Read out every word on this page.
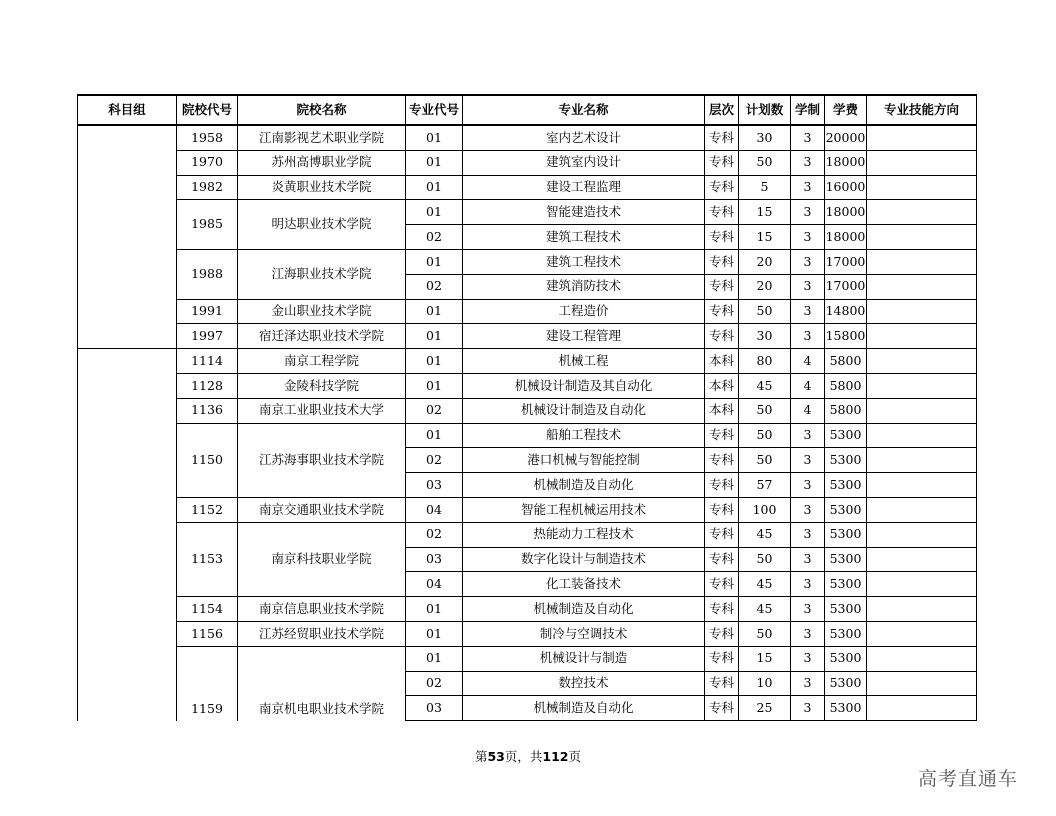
科目组	院校代号	院校名称	专业代号	专业名称	层次	计划数	学制	学费	专业技能方向
	1958	江南影视艺术职业学院	01	室内艺术设计	专科	30	3	20000	
	1970	苏州高博职业学院	01	建筑室内设计	专科	50	3	18000	
	1982	炎黄职业技术学院	01	建设工程监理	专科	5	3	16000	
	1985	明达职业技术学院	01	智能建造技术	专科	15	3	18000	
			02	建筑工程技术	专科	15	3	18000	
	1988	江海职业技术学院	01	建筑工程技术	专科	20	3	17000	
			02	建筑消防技术	专科	20	3	17000	
	1991	金山职业技术学院	01	工程造价	专科	50	3	14800	
	1997	宿迁泽达职业技术学院	01	建设工程管理	专科	30	3	15800	
	1114	南京工程学院	01	机械工程	本科	80	4	5800	
	1128	金陵科技学院	01	机械设计制造及其自动化	本科	45	4	5800	
	1136	南京工业职业技术大学	02	机械设计制造及自动化	本科	50	4	5800	
	1150	江苏海事职业技术学院	01	船舶工程技术	专科	50	3	5300	
			02	港口机械与智能控制	专科	50	3	5300	
			03	机械制造及自动化	专科	57	3	5300	
	1152	南京交通职业技术学院	04	智能工程机械运用技术	专科	100	3	5300	
	1153	南京科技职业学院	02	热能动力工程技术	专科	45	3	5300	
			03	数字化设计与制造技术	专科	50	3	5300	
			04	化工装备技术	专科	45	3	5300	
	1154	南京信息职业技术学院	01	机械制造及自动化	专科	45	3	5300	
	1156	江苏经贸职业技术学院	01	制冷与空调技术	专科	50	3	5300	
	1159	南京机电职业技术学院	01	机械设计与制造	专科	15	3	5300	
			02	数控技术	专科	10	3	5300	
			03	机械制造及自动化	专科	25	3	5300	
第53页，共112页
高考直通车
